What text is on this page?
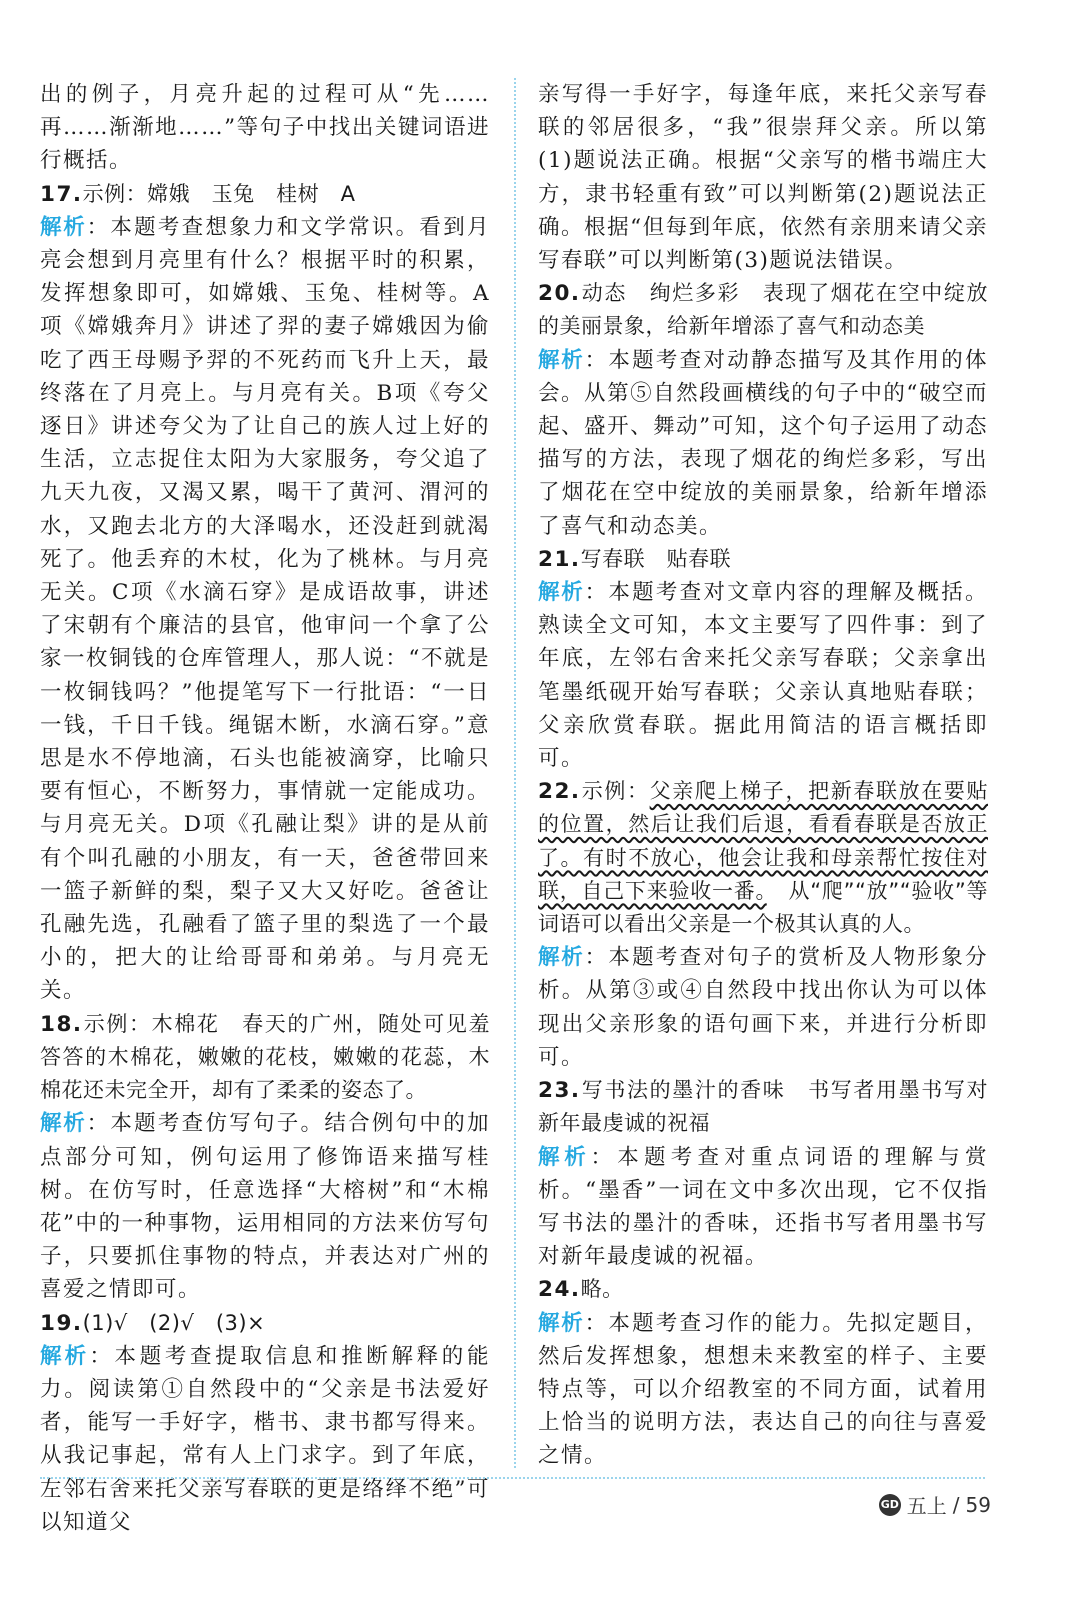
出的例子，月亮升起的过程可从“先……再……渐渐地……”等句子中找出关键词语进行概括。
17.示例：嫦娥　玉兔　桂树　A
解析：本题考查想象力和文学常识。看到月亮会想到月亮里有什么？根据平时的积累，发挥想象即可，如嫦娥、玉兔、桂树等。A项《嫦娥奔月》讲述了羿的妻子嫦娥因为偷吃了西王母赐予羿的不死药而飞升上天，最终落在了月亮上。与月亮有关。B项《夸父逐日》讲述夸父为了让自己的族人过上好的生活，立志捉住太阳为大家服务，夸父追了九天九夜，又渴又累，喝干了黄河、渭河的水，又跑去北方的大泽喝水，还没赶到就渴死了。他丢弃的木杖，化为了桃林。与月亮无关。C项《水滴石穿》是成语故事，讲述了宋朝有个廉洁的县官，他审问一个拿了公家一枚铜钱的仓库管理人，那人说：“不就是一枚铜钱吗？”他提笔写下一行批语：“一日一钱，千日千钱。绳锯木断，水滴石穿。”意思是水不停地滴，石头也能被滴穿，比喻只要有恒心，不断努力，事情就一定能成功。与月亮无关。D项《孔融让梨》讲的是从前有个叫孔融的小朋友，有一天，爸爸带回来一篮子新鲜的梨，梨子又大又好吃。爸爸让孔融先选，孔融看了篮子里的梨选了一个最小的，把大的让给哥哥和弟弟。与月亮无关。
18.示例：木棉花　春天的广州，随处可见羞答答的木棉花，嫩嫩的花枝，嫩嫩的花蕊，木棉花还未完全开，却有了柔柔的姿态了。
解析：本题考查仿写句子。结合例句中的加点部分可知，例句运用了修饰语来描写桂树。在仿写时，任意选择“大榕树”和“木棉花”中的一种事物，运用相同的方法来仿写句子，只要抓住事物的特点，并表达对广州的喜爱之情即可。
19.(1)√　(2)√　(3)×
解析：本题考查提取信息和推断解释的能力。阅读第①自然段中的“父亲是书法爱好者，能写一手好字，楷书、隶书都写得来。从我记事起，常有人上门求字。到了年底，左邻右舍来托父亲写春联的更是络绎不绝”可以知道父
亲写得一手好字，每逢年底，来托父亲写春联的邻居很多，“我”很崇拜父亲。所以第(1)题说法正确。根据“父亲写的楷书端庄大方，隶书轻重有致”可以判断第(2)题说法正确。根据“但每到年底，依然有亲朋来请父亲写春联”可以判断第(3)题说法错误。
20.动态　绚烂多彩　表现了烟花在空中绽放的美丽景象，给新年增添了喜气和动态美
解析：本题考查对动静态描写及其作用的体会。从第⑤自然段画横线的句子中的“破空而起、盛开、舞动”可知，这个句子运用了动态描写的方法，表现了烟花的绚烂多彩，写出了烟花在空中绽放的美丽景象，给新年增添了喜气和动态美。
21.写春联　贴春联
解析：本题考查对文章内容的理解及概括。熟读全文可知，本文主要写了四件事：到了年底，左邻右舍来托父亲写春联；父亲拿出笔墨纸砚开始写春联；父亲认真地贴春联；父亲欣赏春联。据此用简洁的语言概括即可。
22.示例：父亲爬上梯子，把新春联放在要贴的位置，然后让我们后退，看看春联是否放正了。有时不放心，他会让我和母亲帮忙按住对联，自己下来验收一番。　从“爬”“放”“验收”等词语可以看出父亲是一个极其认真的人。
解析：本题考查对句子的赏析及人物形象分析。从第③或④自然段中找出你认为可以体现出父亲形象的语句画下来，并进行分析即可。
23.写书法的墨汁的香味　书写者用墨书写对新年最虔诚的祝福
解析：本题考查对重点词语的理解与赏析。“墨香”一词在文中多次出现，它不仅指写书法的墨汁的香味，还指书写者用墨书写对新年最虔诚的祝福。
24.略。
解析：本题考查习作的能力。先拟定题目，然后发挥想象，想想未来教室的样子、主要特点等，可以介绍教室的不同方面，试着用上恰当的说明方法，表达自己的向往与喜爱之情。
GD 五上 / 59
